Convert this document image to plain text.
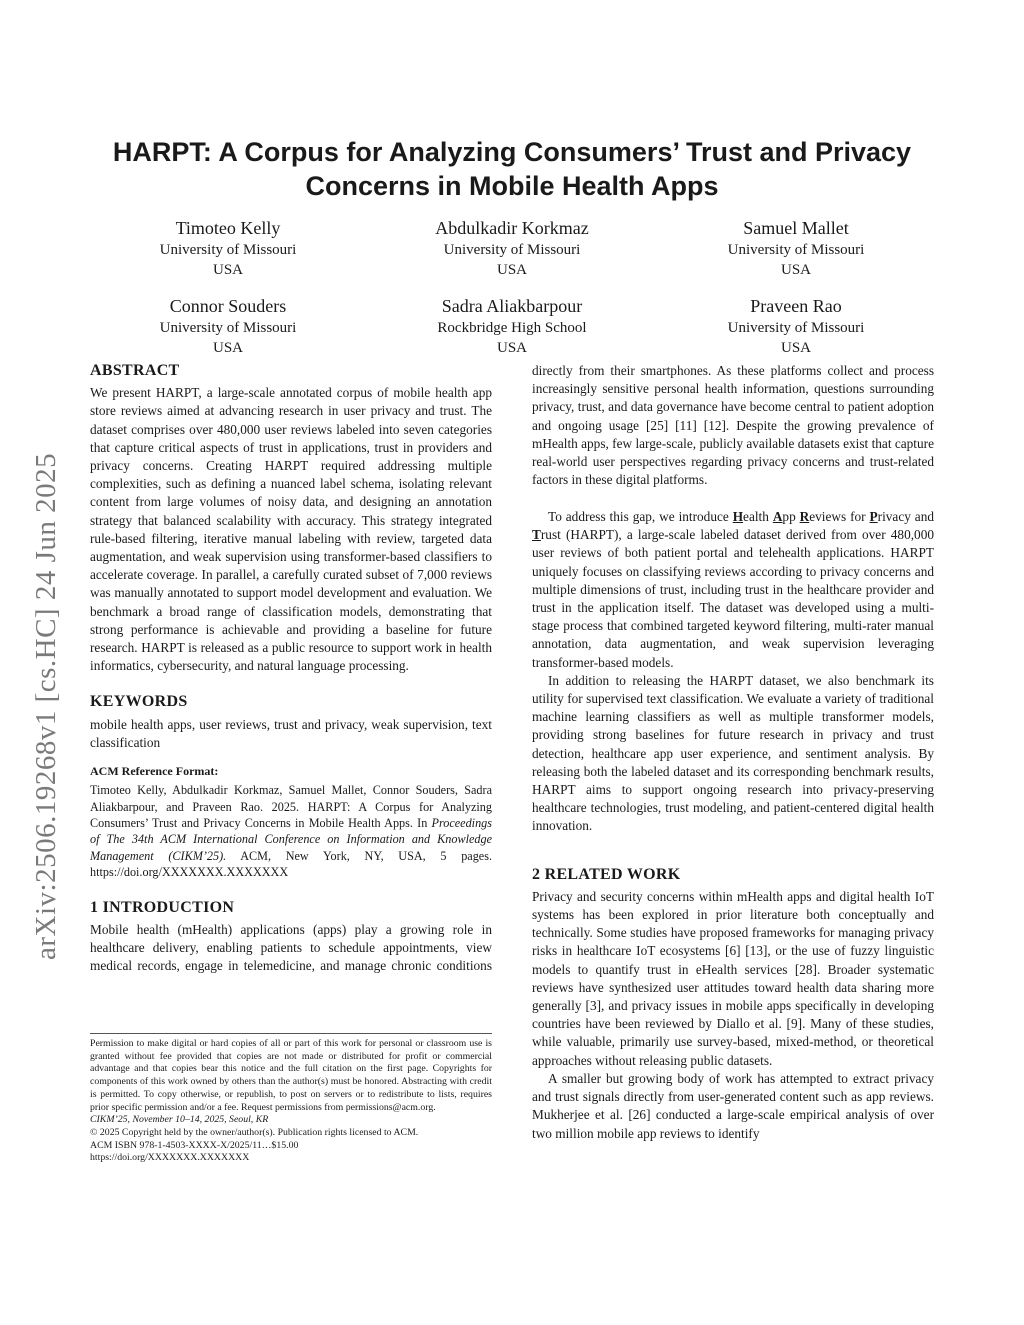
arXiv:2506.19268v1 [cs.HC] 24 Jun 2025
HARPT: A Corpus for Analyzing Consumers’ Trust and Privacy Concerns in Mobile Health Apps
Timoteo Kelly
University of Missouri
USA
Abdulkadir Korkmaz
University of Missouri
USA
Samuel Mallet
University of Missouri
USA
Connor Souders
University of Missouri
USA
Sadra Aliakbarpour
Rockbridge High School
USA
Praveen Rao
University of Missouri
USA
ABSTRACT

We present HARPT, a large-scale annotated corpus of mobile health app store reviews aimed at advancing research in user privacy and trust. The dataset comprises over 480,000 user reviews labeled into seven categories that capture critical aspects of trust in applications, trust in providers and privacy concerns. Creating HARPT required addressing multiple complexities, such as defining a nuanced label schema, isolating relevant content from large volumes of noisy data, and designing an annotation strategy that balanced scalability with accuracy. This strategy integrated rule-based filtering, iterative manual labeling with review, targeted data augmentation, and weak supervision using transformer-based classifiers to accelerate coverage. In parallel, a carefully curated subset of 7,000 reviews was manually annotated to support model development and evaluation. We benchmark a broad range of classification models, demonstrating that strong performance is achievable and providing a baseline for future research. HARPT is released as a public resource to support work in health informatics, cybersecurity, and natural language processing.

KEYWORDS

mobile health apps, user reviews, trust and privacy, weak supervision, text classification

ACM Reference Format:

Timoteo Kelly, Abdulkadir Korkmaz, Samuel Mallet, Connor Souders, Sadra Aliakbarpour, and Praveen Rao. 2025. HARPT: A Corpus for Analyzing Consumers’ Trust and Privacy Concerns in Mobile Health Apps. In Proceedings of The 34th ACM International Conference on Information and Knowledge Management (CIKM’25). ACM, New York, NY, USA, 5 pages. https://doi.org/XXXXXXX.XXXXXXX

1 INTRODUCTION

Mobile health (mHealth) applications (apps) play a growing role in healthcare delivery, enabling patients to schedule appointments, view medical records, engage in telemedicine, and manage chronic conditions

Permission to make digital or hard copies of all or part of this work for personal or classroom use is granted without fee provided that copies are not made or distributed for profit or commercial advantage and that copies bear this notice and the full citation on the first page. Copyrights for components of this work owned by others than the author(s) must be honored. Abstracting with credit is permitted. To copy otherwise, or republish, to post on servers or to redistribute to lists, requires prior specific permission and/or a fee. Request permissions from permissions@acm.org.

CIKM’25, November 10–14, 2025, Seoul, KR

© 2025 Copyright held by the owner/author(s). Publication rights licensed to ACM.

ACM ISBN 978-1-4503-XXXX-X/2025/11…$15.00

https://doi.org/XXXXXXX.XXXXXXX

directly from their smartphones. As these platforms collect and process increasingly sensitive personal health information, questions surrounding privacy, trust, and data governance have become central to patient adoption and ongoing usage [25] [11] [12]. Despite the growing prevalence of mHealth apps, few large-scale, publicly available datasets exist that capture real-world user perspectives regarding privacy concerns and trust-related factors in these digital platforms.

To address this gap, we introduce Health App Reviews for Privacy and Trust (HARPT), a large-scale labeled dataset derived from over 480,000 user reviews of both patient portal and telehealth applications. HARPT uniquely focuses on classifying reviews according to privacy concerns and multiple dimensions of trust, including trust in the healthcare provider and trust in the application itself. The dataset was developed using a multi-stage process that combined targeted keyword filtering, multi-rater manual annotation, data augmentation, and weak supervision leveraging transformer-based models.

In addition to releasing the HARPT dataset, we also benchmark its utility for supervised text classification. We evaluate a variety of traditional machine learning classifiers as well as multiple transformer models, providing strong baselines for future research in privacy and trust detection, healthcare app user experience, and sentiment analysis. By releasing both the labeled dataset and its corresponding benchmark results, HARPT aims to support ongoing research into privacy-preserving healthcare technologies, trust modeling, and patient-centered digital health innovation.

2 RELATED WORK

Privacy and security concerns within mHealth apps and digital health IoT systems has been explored in prior literature both conceptually and technically. Some studies have proposed frameworks for managing privacy risks in healthcare IoT ecosystems [6] [13], or the use of fuzzy linguistic models to quantify trust in eHealth services [28]. Broader systematic reviews have synthesized user attitudes toward health data sharing more generally [3], and privacy issues in mobile apps specifically in developing countries have been reviewed by Diallo et al. [9]. Many of these studies, while valuable, primarily use survey-based, mixed-method, or theoretical approaches without releasing public datasets.

A smaller but growing body of work has attempted to extract privacy and trust signals directly from user-generated content such as app reviews. Mukherjee et al. [26] conducted a large-scale empirical analysis of over two million mobile app reviews to identify
